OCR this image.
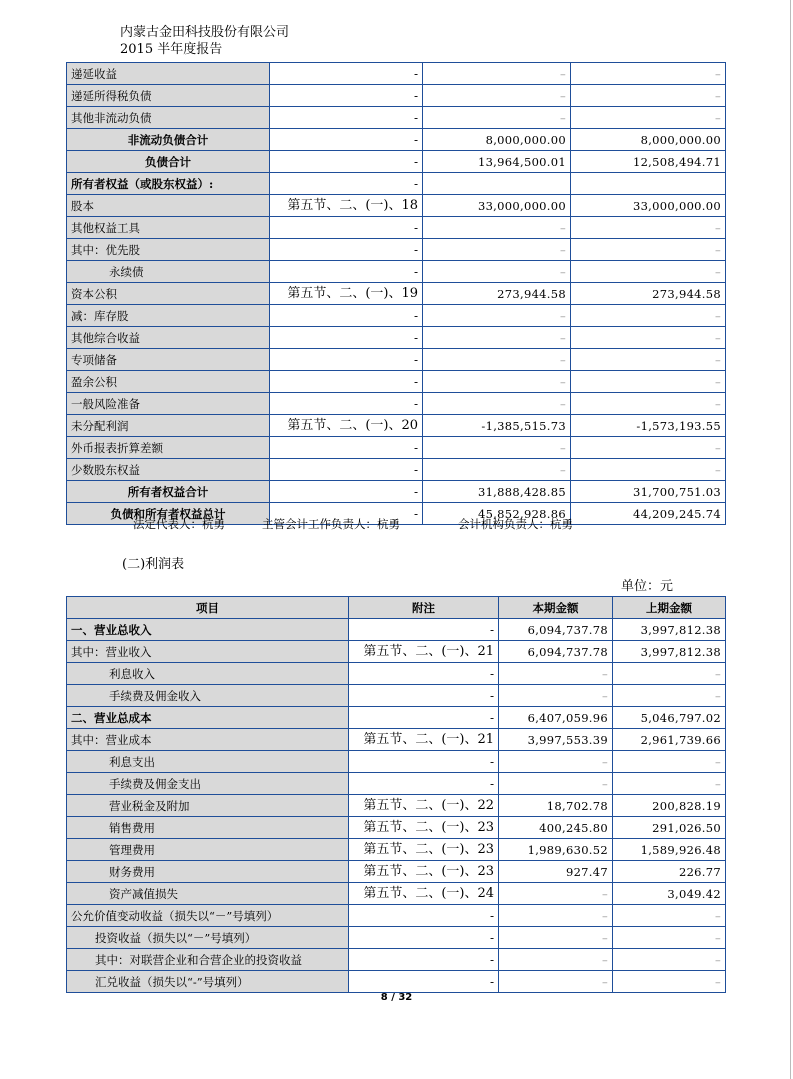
内蒙古金田科技股份有限公司
2015 半年度报告
递延收益	-	–	–
递延所得税负债	-	–	–
其他非流动负债	-	–	–
非流动负债合计	-	8,000,000.00	8,000,000.00
负债合计	-	13,964,500.01	12,508,494.71
所有者权益（或股东权益）:	-		
股本	第五节、二、(一)、18	33,000,000.00	33,000,000.00
其他权益工具	-	–	–
其中：优先股	-	–	–
永续债	-	–	–
资本公积	第五节、二、(一)、19	273,944.58	273,944.58
减：库存股	-	–	–
其他综合收益	-	–	–
专项储备	-	–	–
盈余公积	-	–	–
一般风险准备	-	–	–
未分配利润	第五节、二、(一)、20	-1,385,515.73	-1,573,193.55
外币报表折算差额	-	–	–
少数股东权益	-	–	–
所有者权益合计	-	31,888,428.85	31,700,751.03
负债和所有者权益总计	-	45,852,928.86	44,209,245.74
法定代表人：杭勇	主管会计工作负责人：杭勇	会计机构负责人：杭勇
(二)利润表
单位：元
项目	附注	本期金额	上期金额
一、营业总收入	-	6,094,737.78	3,997,812.38
其中：营业收入	第五节、二、(一)、21	6,094,737.78	3,997,812.38
利息收入	-	–	–
手续费及佣金收入	-	–	–
二、营业总成本	-	6,407,059.96	5,046,797.02
其中：营业成本	第五节、二、(一)、21	3,997,553.39	2,961,739.66
利息支出	-	–	–
手续费及佣金支出	-	–	–
营业税金及附加	第五节、二、(一)、22	18,702.78	200,828.19
销售费用	第五节、二、(一)、23	400,245.80	291,026.50
管理费用	第五节、二、(一)、23	1,989,630.52	1,589,926.48
财务费用	第五节、二、(一)、23	927.47	226.77
资产减值损失	第五节、二、(一)、24	–	3,049.42
公允价值变动收益（损失以“－”号填列）	-	–	–
投资收益（损失以“－”号填列）	-	–	–
其中：对联营企业和合营企业的投资收益	-	–	–
汇兑收益（损失以“-”号填列）	-	–	–
8 / 32
